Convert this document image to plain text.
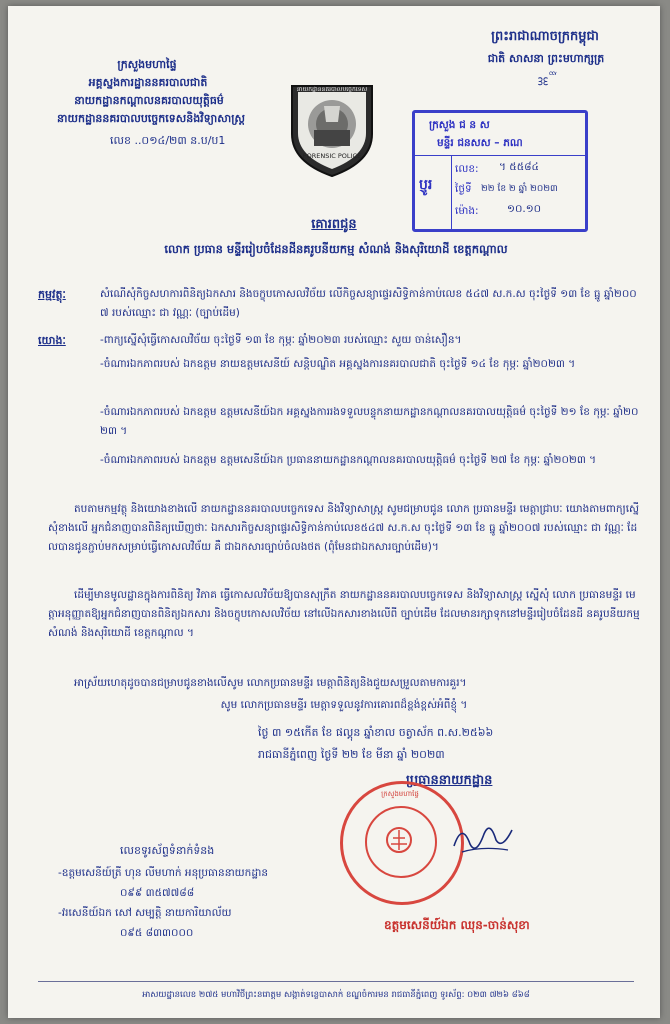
ក្រសួងមហាផ្ទៃ
អគ្គស្នងការដ្ឋាននគរបាលជាតិ
នាយកដ្ឋានកណ្តាលនគរបាលយុត្តិធម៌
នាយកដ្ឋាននគរបាលបច្ចេកទេសនិងវិទ្យាសាស្ត្រ
លេខ ..០១៤/២៣ ន.ប/ប1
នាយកដ្ឋាននគរបាលបច្ចេកទេស
FORENSIC POLICE
ព្រះរាជាណាចក្រកម្ពុជា
ជាតិ សាសនា ព្រះមហាក្សត្រ
ᢃᢄᢅ
ក្រសួង ជ ន ស
មន្ទីរ ជនសស – ភណ
ប្ញូរ
លេខ: ។ ៥៥៨៤
ថ្ងៃទី ២២ ខែ ២ ឆ្នាំ ២០២៣
ម៉ោង:	១០.១០
គោរពជូន
លោក ប្រធាន មន្ទីររៀបចំដែនដីនគរូបនីយកម្ម សំណង់ និងសុរិយោដី ខេត្តកណ្តាល
កម្មវត្ថុៈ	សំណើសុំកិច្ចសហការពិនិត្យឯកសារ និងចក្ខុបកោសលវិច័យ លើកិច្ចសន្យាផ្ទេរសិទ្ធិកាន់កាប់លេខ ៥៤៧ ស.ក.ស ចុះថ្ងៃទី ១៣ ខែ ធ្នូ ឆ្នាំ២០០៧ របស់ឈ្មោះ ជា វណ្ណៈ (ច្បាប់ដើម)
យោងៈ	-ពាក្យស្នើសុំធ្វើកោសលវិច័យ ចុះថ្ងៃទី ១៣ ខែ កុម្ភៈ ឆ្នាំ២០២៣ របស់ឈ្មោះ សួយ ចាន់សឿន។
-ចំណារឯកភាពរបស់ ឯកឧត្តម នាយឧត្តមសេនីយ៍ សន្តិបណ្ឌិត អគ្គស្នងការនគរបាលជាតិ ចុះថ្ងៃទី ១៤ ខែ កុម្ភៈ ឆ្នាំ២០២៣ ។
-ចំណារឯកភាពរបស់ ឯកឧត្តម ឧត្តមសេនីយ៍ឯក អគ្គស្នងការរងទទួលបន្ទុកនាយកដ្ឋានកណ្តាលនគរបាលយុត្តិធម៌ ចុះថ្ងៃទី ២១ ខែ កុម្ភៈ ឆ្នាំ២០២៣ ។
-ចំណារឯកភាពរបស់ ឯកឧត្តម ឧត្តមសេនីយ៍ឯក ប្រធាននាយកដ្ឋានកណ្តាលនគរបាលយុត្តិធម៌ ចុះថ្ងៃទី ២៧ ខែ កុម្ភៈ ឆ្នាំ២០២៣ ។
តបតាមកម្មវត្ថុ និងយោងខាងលើ នាយកដ្ឋាននគរបាលបច្ចេកទេស និងវិទ្យាសាស្ត្រ សូមជម្រាបជូន លោក ប្រធានមន្ទីរ មេត្តាជ្រាបៈ យោងតាមពាក្យស្នើសុំខាងលើ អ្នកជំនាញបានពិនិត្យឃើញថាៈ ឯកសារកិច្ចសន្យាផ្ទេរសិទ្ធិកាន់កាប់លេខ៥៤៧ ស.ក.ស ចុះថ្ងៃទី ១៣ ខែ ធ្នូ ឆ្នាំ២០០៧ របស់ឈ្មោះ ជា វណ្ណៈ ដែលបានជូនភ្ជាប់មកសម្រាប់ធ្វើកោសលវិច័យ គឺ ជាឯកសារច្បាប់ចំលងថត (ពុំមែនជាឯកសារច្បាប់ដើម)។
ដើម្បីមានមូលដ្ឋានក្នុងការពិនិត្យ វិភាគ ធ្វើកោសលវិច័យឱ្យបានសុក្រឹត នាយកដ្ឋាននគរបាលបច្ចេកទេស និងវិទ្យាសាស្ត្រ ស្នើសុំ លោក ប្រធានមន្ទីរ មេត្តាអនុញ្ញាតឱ្យអ្នកជំនាញបានពិនិត្យឯកសារ និងចក្ខុបកោសលវិច័យ នៅលើឯកសារខាងលើពី ច្បាប់ដើម ដែលមានរក្សាទុកនៅមន្ទីររៀបចំដែនដី នគរូបនីយកម្ម សំណង់ និងសុរិយោដី ខេត្តកណ្តាល ។
អាស្រ័យហេតុដូចបានជម្រាបជូនខាងលើសូម លោកប្រធានមន្ទីរ មេត្តាពិនិត្យនិងជួយសម្រួលតាមការគួរ។
សូម លោកប្រធានមន្ទីរ មេត្តាទទួលនូវការគោរពដ៏ខ្ពង់ខ្ពស់អំពីខ្ញុំ ។
ថ្ងៃ ៣ ១៥កើត ខែ ផល្គុន ឆ្នាំខាល ចត្វាស័ក ព.ស.២៥៦៦
រាជធានីភ្នំពេញ ថ្ងៃទី ២២ ខែ មីនា ឆ្នាំ ២០២៣
ប្រធាននាយកដ្ឋាន
ក្រសួងមហាផ្ទៃ
ឧត្តមសេនីយ៍ឯក ឈុន-ចាន់សុខា
លេខទូរស័ព្ទទំនាក់ទំនង
-ឧត្តមសេនីយ៍ត្រី ហុន លីមហាក់ អនុប្រធាននាយកដ្ឋាន
០៩៩ ៣៥៧៧៨៨
-វរសេនីយ៍ឯក សៅ សម្បត្តិ នាយការិយាល័យ
០៩៥ ៨៣៣០០០
អាសយដ្ឋានលេខ ២៧៥ មហាវិថីព្រះនរោត្តម សង្កាត់ទន្លេបាសាក់ ខណ្ឌចំការមន រាជធានីភ្នំពេញ ទូរស័ព្ទ: ០២៣ ៧២៦ ៨៦៨
